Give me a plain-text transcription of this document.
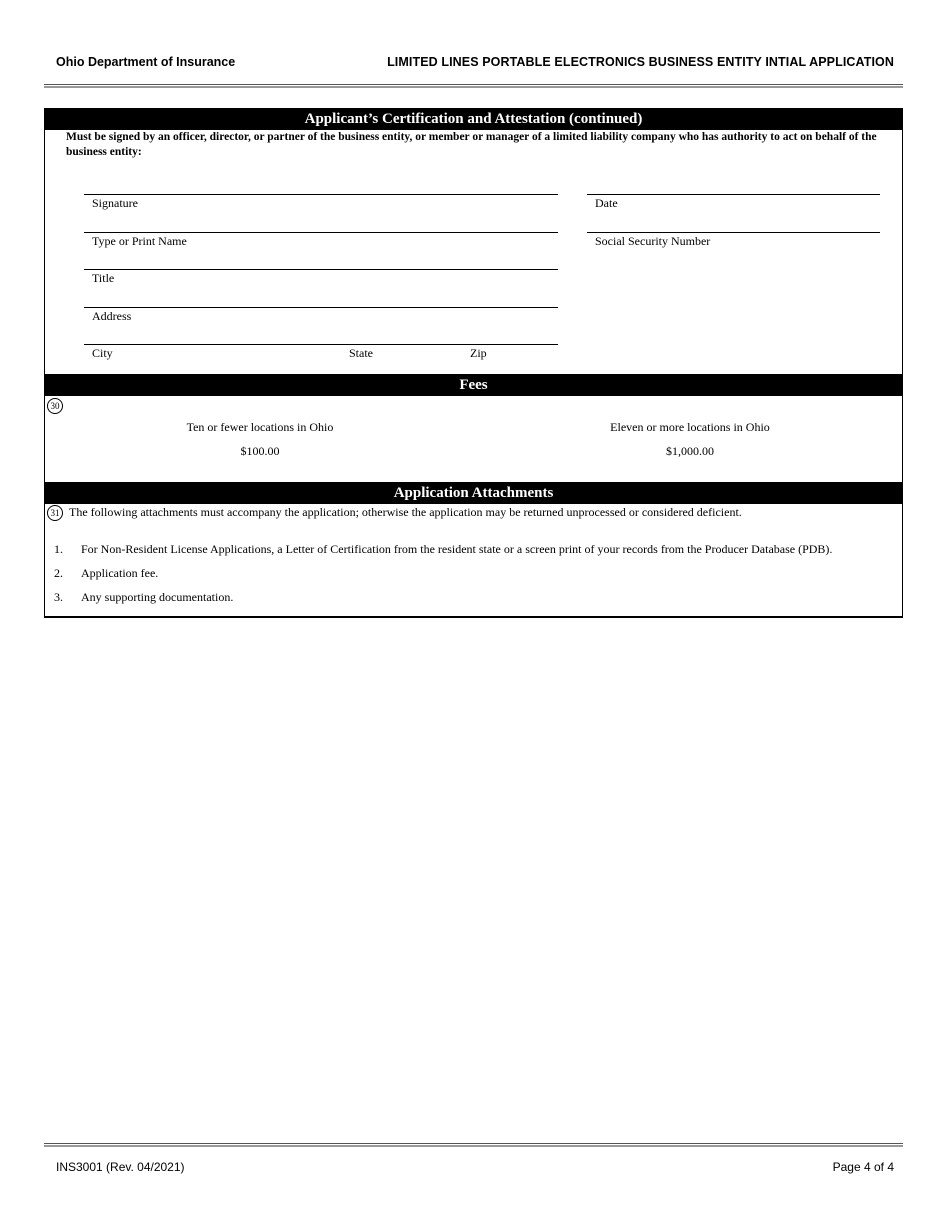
Ohio Department of Insurance	LIMITED LINES PORTABLE ELECTRONICS BUSINESS ENTITY INTIAL APPLICATION
Applicant’s Certification and Attestation (continued)
Must be signed by an officer, director, or partner of the business entity, or member or manager of a limited liability company who has authority to act on behalf of the business entity:
Signature	Date
Type or Print Name	Social Security Number
Title
Address
City	State	Zip
Fees
30
Ten or fewer locations in Ohio
$100.00
Eleven or more locations in Ohio
$1,000.00
Application Attachments
31 The following attachments must accompany the application; otherwise the application may be returned unprocessed or considered deficient.
1. For Non-Resident License Applications, a Letter of Certification from the resident state or a screen print of your records from the Producer Database (PDB).
2. Application fee.
3. Any supporting documentation.
INS3001 (Rev. 04/2021)	Page 4 of 4
